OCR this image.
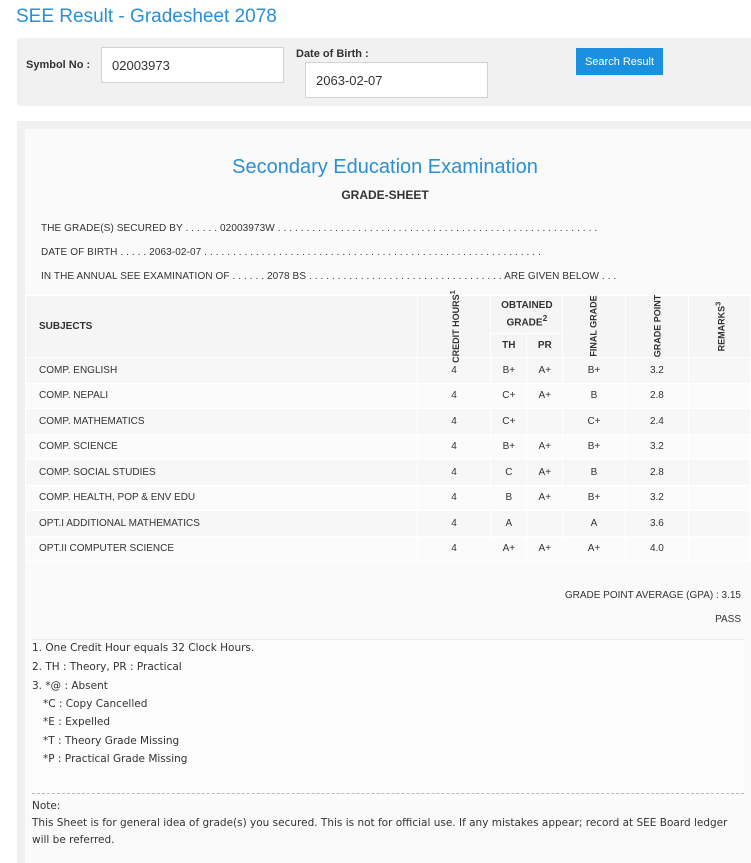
SEE Result - Gradesheet 2078
Symbol No :
02003973
Date of Birth :
2063-02-07
Search Result
Secondary Education Examination
GRADE-SHEET
THE GRADE(S) SECURED BY . . . . . . 02003973W . . . . . . . . . . . . . . . . . . . . . . . . . . . . . . . . . . . . . . . . . . . . . . . . . . . . . . . .
DATE OF BIRTH . . . . . 2063-02-07 . . . . . . . . . . . . . . . . . . . . . . . . . . . . . . . . . . . . . . . . . . . . . . . . . . . . . . . . . . .
IN THE ANNUAL SEE EXAMINATION OF . . . . . . 2078 BS . . . . . . . . . . . . . . . . . . . . . . . . . . . . . . . . . . ARE GIVEN BELOW . . .
SUBJECTS	CREDIT HOURS$^1$	OBTAINED GRADE$^2$		FINAL GRADE	GRADE POINT	REMARKS$^3$
		TH	PR			
COMP. ENGLISH	4	B+	A+	B+	3.2	
COMP. NEPALI	4	C+	A+	B	2.8	
COMP. MATHEMATICS	4	C+		C+	2.4	
COMP. SCIENCE	4	B+	A+	B+	3.2	
COMP. SOCIAL STUDIES	4	C	A+	B	2.8	
COMP. HEALTH, POP & ENV EDU	4	B	A+	B+	3.2	
OPT.I ADDITIONAL MATHEMATICS	4	A		A	3.6	
OPT.II COMPUTER SCIENCE	4	A+	A+	A+	4.0	
GRADE POINT AVERAGE (GPA) : 3.15
PASS
1. One Credit Hour equals 32 Clock Hours.
2. TH : Theory, PR : Practical
3. *@ : Absent
*C : Copy Cancelled
*E : Expelled
*T : Theory Grade Missing
*P : Practical Grade Missing
Note:
This Sheet is for general idea of grade(s) you secured. This is not for official use. If any mistakes appear; record at SEE Board ledger will be referred.
